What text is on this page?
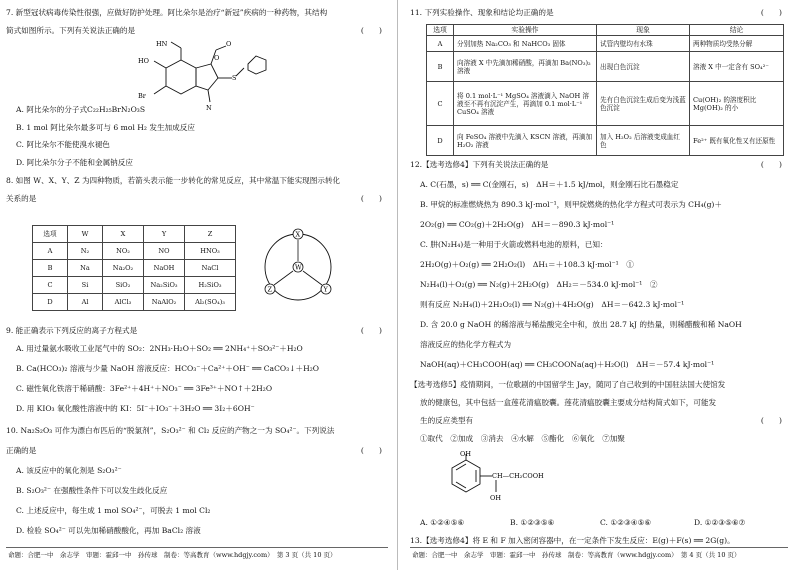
7. 新型冠状病毒传染性很强，应做好防护处理。阿比朵尔是治疗“新冠”疾病的一种药物，其结构

简式如图所示。下列有关说法正确的是	(　　)
HN
N
S
Br
HO
O
O

A. 阿比朵尔的分子式C₂₂H₂₅BrN₂O₃S

B. 1 mol 阿比朵尔最多可与 6 mol H₂ 发生加成反应

C. 阿比朵尔不能使溴水褪色

D. 阿比朵尔分子不能和金属钠反应

8. 如图 W、X、Y、Z 为四种物质，若箭头表示能一步转化的常见反应，其中常温下能实现图示转化

关系的是	(　　)
选项	W	X	Y	Z
A	N₂	NO₂	NO	HNO₃
B	Na	Na₂O₂	NaOH	NaCl
C	Si	SiO₂	Na₂SiO₃	H₂SiO₃
D	Al	AlCl₃	NaAlO₂	Al₂(SO₄)₃
X
W
Z	Y

9. 能正确表示下列反应的离子方程式是	(　　)

A. 用过量氨水吸收工业尾气中的 SO₂：2NH₃·H₂O＋SO₂ ══ 2NH₄⁺＋SO₃²⁻＋H₂O

B. Ca(HCO₃)₂ 溶液与少量 NaOH 溶液反应：HCO₃⁻＋Ca²⁺＋OH⁻ ══ CaCO₃↓＋H₂O

C. 磁性氧化铁溶于稀硝酸：3Fe²⁺＋4H⁺＋NO₃⁻ ══ 3Fe³⁺＋NO↑＋2H₂O

D. 用 KIO₃ 氧化酸性溶液中的 KI：5I⁻＋IO₃⁻＋3H₂O ══ 3I₂＋6OH⁻

10. Na₂S₂O₃ 可作为漂白布匹后的“脱氯剂”，S₂O₃²⁻ 和 Cl₂ 反应的产物之一为 SO₄²⁻。下列说法

正确的是	(　　)

A. 该反应中的氧化剂是 S₂O₃²⁻

B. S₂O₃²⁻ 在强酸性条件下可以发生歧化反应

C. 上述反应中，每生成 1 mol SO₄²⁻，可脱去 1 mol Cl₂

D. 检验 SO₄²⁻ 可以先加稀硝酸酸化，再加 BaCl₂ 溶液

命题：合肥一中　余志学　审题：霍邱一中　孙传球　制卷：等高教育（www.hdgjy.com）　第 3 页（共 10 页）

11. 下列实验操作、现象和结论均正确的是	(　　)
选项	实验操作	现象	结论
A	分别加热 Na₂CO₃ 和 NaHCO₃ 固体	试管内壁均有水珠	两种物质均受热分解
B	向溶液 X 中先滴加稀硝酸，再滴加 Ba(NO₃)₂ 溶液	出现白色沉淀	溶液 X 中一定含有 SO₄²⁻
C	将 0.1 mol·L⁻¹ MgSO₄ 溶液滴入 NaOH 溶液至不再有沉淀产生，再滴加 0.1 mol·L⁻¹ CuSO₄ 溶液	先有白色沉淀生成后变为浅蓝色沉淀	Cu(OH)₂ 的溶度积比 Mg(OH)₂ 的小
D	向 FeSO₄ 溶液中先滴入 KSCN 溶液，再滴加 H₂O₂ 溶液	加入 H₂O₂ 后溶液变成血红色	Fe²⁺ 既有氧化性又有还原性

12.【选考选修4】下列有关说法正确的是	(　　)

A. C(石墨，s) ══ C(金刚石，s)　ΔH＝＋1.5 kJ/mol，则金刚石比石墨稳定

B. 甲烷的标准燃烧热为 890.3 kJ·mol⁻¹，则甲烷燃烧的热化学方程式可表示为 CH₄(g)＋

2O₂(g) ══ CO₂(g)＋2H₂O(g)　ΔH＝－890.3 kJ·mol⁻¹

C. 肼(N₂H₄)是一种用于火箭或燃料电池的原料，已知：

2H₂O(g)＋O₂(g) ══ 2H₂O₂(l)　ΔH₁＝＋108.3 kJ·mol⁻¹　①

N₂H₄(l)＋O₂(g) ══ N₂(g)＋2H₂O(g)　ΔH₂＝－534.0 kJ·mol⁻¹　②

则有反应 N₂H₄(l)＋2H₂O₂(l) ══ N₂(g)＋4H₂O(g)　ΔH＝－642.3 kJ·mol⁻¹

D. 含 20.0 g NaOH 的稀溶液与稀盐酸完全中和，放出 28.7 kJ 的热量，则稀醋酸和稀 NaOH

溶液反应的热化学方程式为

NaOH(aq)＋CH₃COOH(aq) ══ CH₃COONa(aq)＋H₂O(l)　ΔH＝－57.4 kJ·mol⁻¹

【选考选修5】疫情期间，一位歌剧的中国留学生 Jay，随同了自己收到的中国驻法国大使馆发

放的健康包，其中包括一盒莲花清瘟胶囊。莲花清瘟胶囊主要成分结构简式如下，可能发

生的反应类型有	(　　)

①取代　②加成　③消去　④水解　⑤酯化　⑥氧化　⑦加聚

OH
CH—CH₂COOH
OH

A. ①②④⑤⑥	B. ①②③⑤⑥	C. ①②③④⑤⑥	D. ①②③⑤⑥⑦

13.【选考选修4】将 E 和 F 加入密闭容器中，在一定条件下发生反应：E(g)＋F(s) ══ 2G(g)。

命题：合肥一中　余志学　审题：霍邱一中　孙传球　制卷：等高教育（www.hdgjy.com）　第 4 页（共 10 页）
